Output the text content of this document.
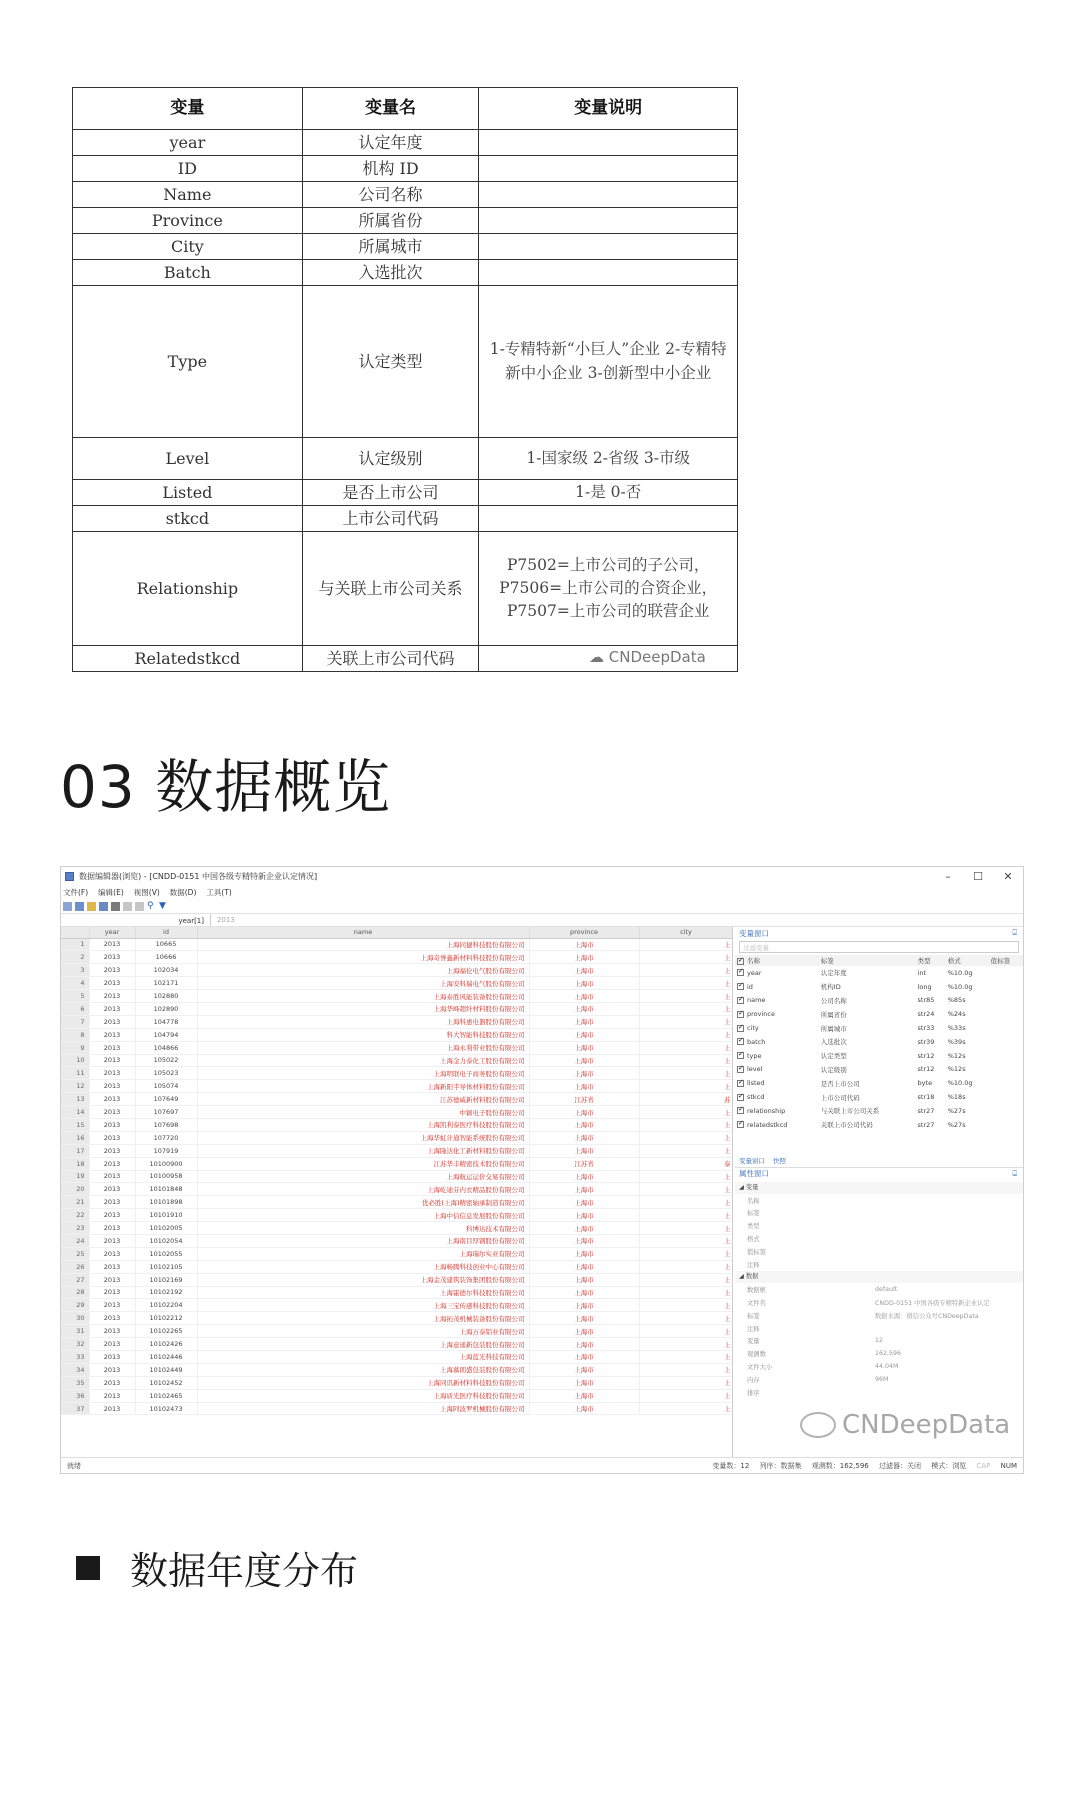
变量	变量名	变量说明
year	认定年度	
ID	机构 ID	
Name	公司名称	
Province	所属省份	
City	所属城市	
Batch	入选批次	
Type	认定类型	1-专精特新“小巨人”企业 2-专精特新中小企业 3-创新型中小企业
Level	认定级别	1-国家级 2-省级 3-市级
Listed	是否上市公司	1-是 0-否
stkcd	上市公司代码	
Relationship	与关联上市公司关系	P7502=上市公司的子公司，P7506=上市公司的合资企业，P7507=上市公司的联营企业
Relatedstkcd	关联上市公司代码		☁ CNDeepData
03 数据概览
数据编辑器(浏览) - [CNDD-0151 中国各级专精特新企业认定情况]	–	☐	✕
文件(F) 编辑(E) 视图(V) 数据(D) 工具(T)
⚲ ▼
year[1]	2013
	year	id	name	province	city
1	2013	10665	上海同捷科技股份有限公司	上海市	上
2	2013	10666	上海奇誉鑫新材料科技股份有限公司	上海市	上
3	2013	102034	上海福伦电气股份有限公司	上海市	上
4	2013	102171	上海安科瑞电气股份有限公司	上海市	上
5	2013	102880	上海泰胜风能装备股份有限公司	上海市	上
6	2013	102890	上海华峰超纤材料股份有限公司	上海市	上
7	2013	104778	上海科惠电器股份有限公司	上海市	上
8	2013	104794	科大智能科技股份有限公司	上海市	上
9	2013	104866	上海永利带业股份有限公司	上海市	上
10	2013	105022	上海金力泰化工股份有限公司	上海市	上
11	2013	105023	上海明联电子商务股份有限公司	上海市	上
12	2013	105074	上海新阳半导体材料股份有限公司	上海市	上
13	2013	107649	江苏德威新材料股份有限公司	江苏省	苏
14	2013	107697	中颖电子股份有限公司	上海市	上
15	2013	107698	上海凯利泰医疗科技股份有限公司	上海市	上
16	2013	107720	上海华虹计通智能系统股份有限公司	上海市	上
17	2013	107919	上海隆达化工新材料股份有限公司	上海市	上
18	2013	10100900	江苏华丰精密技术股份有限公司	江苏省	泰
19	2013	10100958	上海航运运价交易有限公司	上海市	上
20	2013	10101848	上海屹迪芬内衣精品股份有限公司	上海市	上
21	2013	10101898	优必胜(上海)精密轴承制造有限公司	上海市	上
22	2013	10101910	上海中信信息发展股份有限公司	上海市	上
23	2013	10102005	科博达技术有限公司	上海市	上
24	2013	10102054	上海南目厚钢股份有限公司	上海市	上
25	2013	10102055	上海瑞尔实业有限公司	上海市	上
26	2013	10102105	上海畅腾科技创业中心有限公司	上海市	上
27	2013	10102169	上海金茂建筑装饰集团股份有限公司	上海市	上
28	2013	10102192	上海霍德尔科技股份有限公司	上海市	上
29	2013	10102204	上海三宝传感科技股份有限公司	上海市	上
30	2013	10102212	上海拓茂机械装备股份有限公司	上海市	上
31	2013	10102265	上海万泰铝业有限公司	上海市	上
32	2013	10102426	上海意通新包装股份有限公司	上海市	上
33	2013	10102446	上海蓝光科技有限公司	上海市	上
34	2013	10102449	上海慕朗盛包装股份有限公司	上海市	上
35	2013	10102452	上海同讯新材料科技股份有限公司	上海市	上
36	2013	10102465	上海质光医疗科技股份有限公司	上海市	上
37	2013	10102473	上海阿波罗机械股份有限公司	上海市	上
变量窗口	⌹
过滤变量
✓名称	标签	类型	格式	值标签
✓year	认定年度	int	%10.0g	
✓id	机构ID	long	%10.0g	
✓name	公司名称	str85	%85s	
✓province	所属省份	str24	%24s	
✓city	所属城市	str33	%33s	
✓batch	入选批次	str39	%39s	
✓type	认定类型	str12	%12s	
✓level	认定级别	str12	%12s	
✓listed	是否上市公司	byte	%10.0g	
✓stkcd	上市公司代码	str18	%18s	
✓relationship	与关联上市公司关系	str27	%27s	
✓relatedstkcd	关联上市公司代码	str27	%27s	
变量窗口 快照
属性窗口	⌹
◢ 变量
名称
标签
类型
格式
值标签
注释
◢ 数据
数据框	default
文件名	CNDD-0151 中国各级专精特新企业认定
标签	数据来源：微信公众号CNDeepData
注释
变量	12
观测数	162,596
文件大小	44.04M
内存	96M
排序
就绪	变量数：12 列序：数据集 观测数：162,596 过滤器：关闭 模式：浏览 CAP NUM
CNDeepData
数据年度分布
